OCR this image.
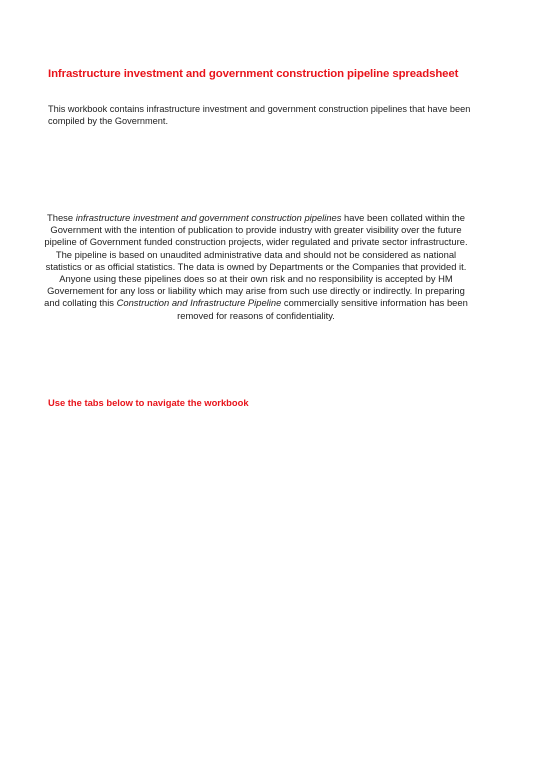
Infrastructure investment and government construction pipeline spreadsheet
This workbook contains infrastructure investment and government construction pipelines that have been compiled by the Government.
These infrastructure investment and government construction pipelines have been collated within the Government with the intention of publication to provide industry with greater visibility over the future pipeline of Government funded construction projects, wider regulated and private sector infrastructure. The pipeline is based on unaudited administrative data and should not be considered as national statistics or as official statistics. The data is owned by Departments or the Companies that provided it. Anyone using these pipelines does so at their own risk and no responsibility is accepted by HM Governement for any loss or liability which may arise from such use directly or indirectly. In preparing and collating this Construction and Infrastructure Pipeline commercially sensitive information has been removed for reasons of confidentiality.
Use the tabs below to navigate the workbook
